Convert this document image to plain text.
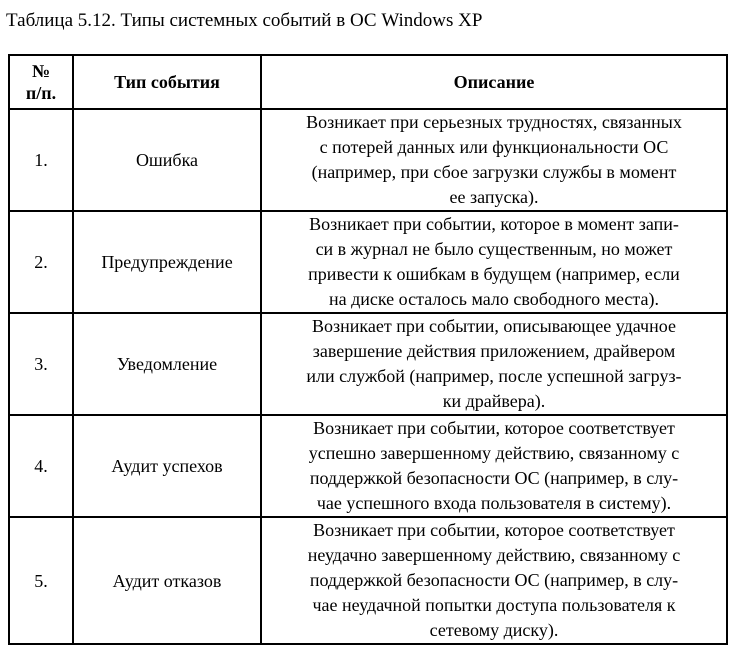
Таблица 5.12. Типы системных событий в ОС Windows XP
№
п/п.	Тип события	Описание
1.	Ошибка	Возникает при серьезных трудностях, связанных
с потерей данных или функциональности ОС
(например, при сбое загрузки службы в момент
ее запуска).

2.	Предупреждение	Возникает при событии, которое в момент запи-
си в журнал не было существенным, но может
привести к ошибкам в будущем (например, если
на диске осталось мало свободного места).

3.	Уведомление	Возникает при событии, описывающее удачное
завершение действия приложением, драйвером
или службой (например, после успешной загруз-
ки драйвера).

4.	Аудит успехов	Возникает при событии, которое соответствует
успешно завершенному действию, связанному с
поддержкой безопасности ОС (например, в слу-
чае успешного входа пользователя в систему).

5.	Аудит отказов	Возникает при событии, которое соответствует
неудачно завершенному действию, связанному с
поддержкой безопасности ОС (например, в слу-
чае неудачной попытки доступа пользователя к
сетевому диску).
